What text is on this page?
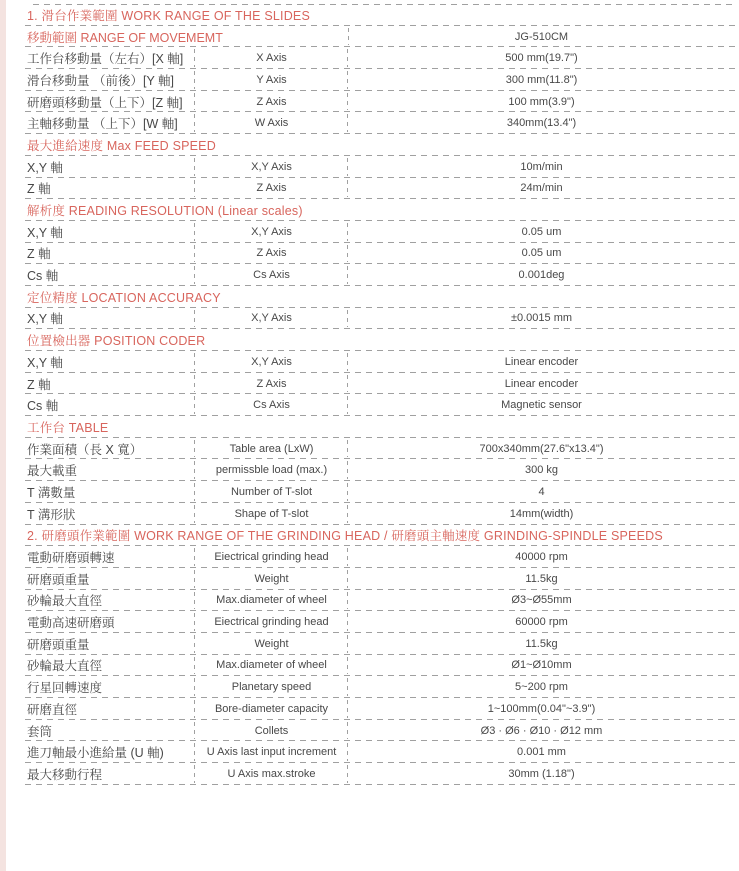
1. 滑台作業範圍 WORK RANGE OF THE SLIDES
移動範圍 RANGE OF MOVEMEMT	JG-510CM
工作台移動量（左右）[X 軸]	X Axis	500 mm(19.7")
滑台移動量 （前後）[Y 軸]	Y Axis	300 mm(11.8")
研磨頭移動量（上下）[Z 軸]	Z Axis	100 mm(3.9")
主軸移動量 （上下）[W 軸]	W Axis	340mm(13.4")
最大進給速度 Max FEED SPEED
X,Y 軸	X,Y Axis	10m/min
Z 軸	Z Axis	24m/min
解析度 READING RESOLUTION (Linear scales)
X,Y 軸	X,Y Axis	0.05 um
Z 軸	Z Axis	0.05 um
Cs 軸	Cs Axis	0.001deg
定位精度 LOCATION ACCURACY
X,Y 軸	X,Y Axis	±0.0015 mm
位置檢出器 POSITION CODER
X,Y 軸	X,Y Axis	Linear encoder
Z 軸	Z Axis	Linear encoder
Cs 軸	Cs Axis	Magnetic sensor
工作台 TABLE
作業面積（長 X 寬）	Table area (LxW)	700x340mm(27.6"x13.4")
最大載重	permissble load (max.)	300 kg
T 溝數量	Number of T-slot	4
T 溝形狀	Shape of T-slot	14mm(width)
2. 研磨頭作業範圍 WORK RANGE OF THE GRINDING HEAD / 研磨頭主軸速度 GRINDING-SPINDLE SPEEDS
電動研磨頭轉速	Eiectrical grinding head	40000 rpm
研磨頭重量	Weight	11.5kg
砂輪最大直徑	Max.diameter of wheel	Ø3~Ø55mm
電動高速研磨頭	Eiectrical grinding head	60000 rpm
研磨頭重量	Weight	11.5kg
砂輪最大直徑	Max.diameter of wheel	Ø1~Ø10mm
行星回轉速度	Planetary speed	5~200 rpm
研磨直徑	Bore-diameter capacity	1~100mm(0.04"~3.9")
套筒	Collets	Ø3 · Ø6 · Ø10 · Ø12 mm
進刀軸最小進給量 (U 軸)	U Axis last input increment	0.001 mm
最大移動行程	U Axis max.stroke	30mm (1.18")
